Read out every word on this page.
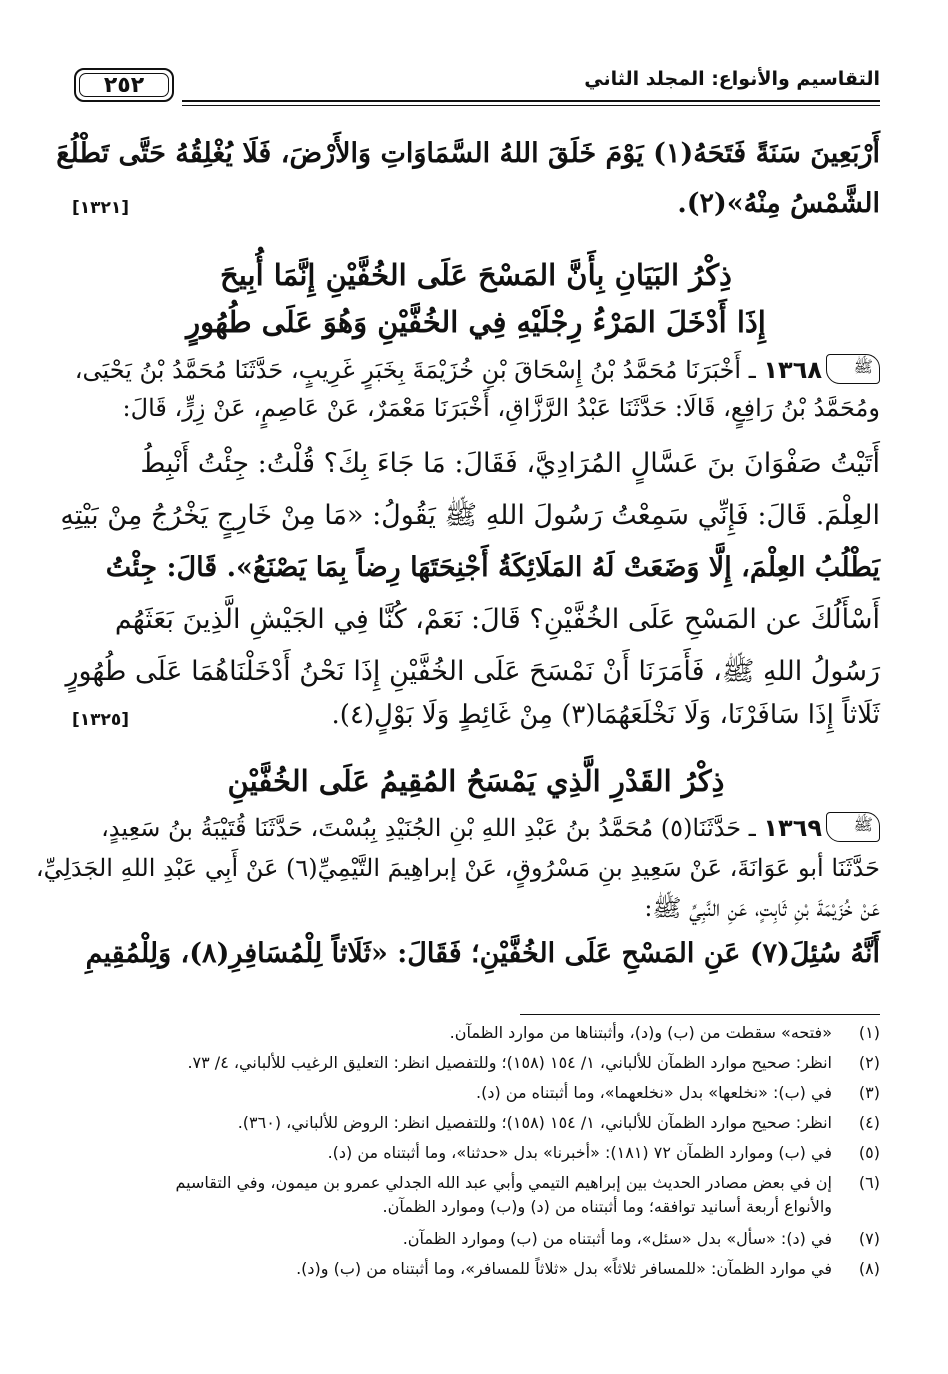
التقاسيم والأنواع: المجلد الثاني
٢٥٢
أَرْبَعِينَ سَنَةً فَتَحَهُ(١) يَوْمَ خَلَقَ اللهُ السَّمَاوَاتِ وَالأَرْضَ، فَلَا يُغْلِقُهُ حَتَّى تَطْلُعَ
الشَّمْسُ مِنْهُ»(٢).
[١٣٢١]
ذِكْرُ البَيَانِ بِأَنَّ المَسْحَ عَلَى الخُفَّيْنِ إِنَّمَا أُبِيحَ
إِذَا أَدْخَلَ المَرْءُ رِجْلَيْهِ فِي الخُفَّيْنِ وَهُوَ عَلَى طُهُورٍ
ﷺ
١٣٦٨ ـ أَخْبَرَنَا مُحَمَّدُ بْنُ إِسْحَاقَ بْنِ خُزَيْمَةَ بِخَبَرٍ غَرِيبٍ، حَدَّثَنَا مُحَمَّدُ بْنُ يَحْيَى،
ومُحَمَّدُ بْنُ رَافِعٍ، قَالَا: حَدَّثَنَا عَبْدُ الرَّزَّاقِ، أَخْبَرَنَا مَعْمَرٌ، عَنْ عَاصِمٍ، عَنْ زِرٍّ، قَالَ:
أَتَيْتُ صَفْوَانَ بنَ عَسَّالٍ المُرَادِيَّ، فَقَالَ: مَا جَاءَ بِكَ؟ قُلْتُ: جِئْتُ أَنْبِطُ
العِلْمَ. قَالَ: فَإِنِّي سَمِعْتُ رَسُولَ اللهِ ﷺ يَقُولُ: «مَا مِنْ خَارِجٍ يَخْرُجُ مِنْ بَيْتِهِ
يَطْلُبُ العِلْمَ، إِلَّا وَضَعَتْ لَهُ المَلَائِكَةُ أَجْنِحَتَهَا رِضاً بِمَا يَصْنَعُ». قَالَ: جِئْتُ
أَسْأَلُكَ عن المَسْحِ عَلَى الخُفَّيْنِ؟ قَالَ: نَعَمْ، كُنَّا فِي الجَيْشِ الَّذِينَ بَعَثَهُم
رَسُولُ اللهِ ﷺ، فَأَمَرَنَا أَنْ نَمْسَحَ عَلَى الخُفَّيْنِ إِذَا نَحْنُ أَدْخَلْنَاهُمَا عَلَى طُهُورٍ
ثَلَاثاً إِذَا سَافَرْنَا، وَلَا نَخْلَعَهُمَا(٣) مِنْ غَائِطٍ وَلَا بَوْلٍ(٤).
[١٣٢٥]
ذِكْرُ القَدْرِ الَّذِي يَمْسَحُ المُقِيمُ عَلَى الخُفَّيْنِ
ﷺ
١٣٦٩ ـ حَدَّثَنَا(٥) مُحَمَّدُ بنُ عَبْدِ اللهِ بْنِ الجُنَيْدِ بِبُسْتَ، حَدَّثَنَا قُتَيْبَةُ بنُ سَعِيدٍ،
حَدَّثَنَا أبو عَوَانَةَ، عَنْ سَعِيدِ بنِ مَسْرُوقٍ، عَنْ إبراهِيمَ التَّيْمِيِّ(٦) عَنْ أَبِي عَبْدِ اللهِ الجَدَلِيِّ،
عَنْ خُزَيْمَةَ بْنِ ثَابِتٍ، عَنِ النَّبِيِّ ﷺ:
أَنَّهُ سُئِلَ(٧) عَنِ المَسْحِ عَلَى الخُفَّيْنِ؛ فَقَالَ: «ثَلَاثاً لِلْمُسَافِرِ(٨)، وَلِلْمُقِيمِ
(١)«فتحه» سقطت من (ب) و(د)، وأثبتناها من موارد الظمآن.
(٢)انظر: صحيح موارد الظمآن للألباني، ١/ ١٥٤ (١٥٨)؛ وللتفصيل انظر: التعليق الرغيب للألباني، ٤/ ٧٣.
(٣)في (ب): «نخلعها» بدل «نخلعهما»، وما أثبتناه من (د).
(٤)انظر: صحيح موارد الظمآن للألباني، ١/ ١٥٤ (١٥٨)؛ وللتفصيل انظر: الروض للألباني، (٣٦٠).
(٥)في (ب) وموارد الظمآن ٧٢ (١٨١): «أخبرنا» بدل «حدثنا»، وما أثبتناه من (د).
(٦)إن في بعض مصادر الحديث بين إبراهيم التيمي وأبي عبد الله الجدلي عمرو بن ميمون، وفي التقاسيم
والأنواع أربعة أسانيد توافقه؛ وما أثبتناه من (د) و(ب) وموارد الظمآن.
(٧)في (د): «سأل» بدل «سئل»، وما أثبتناه من (ب) وموارد الظمآن.
(٨)في موارد الظمآن: «للمسافر ثلاثاً» بدل «ثلاثاً للمسافر»، وما أثبتناه من (ب) و(د).
